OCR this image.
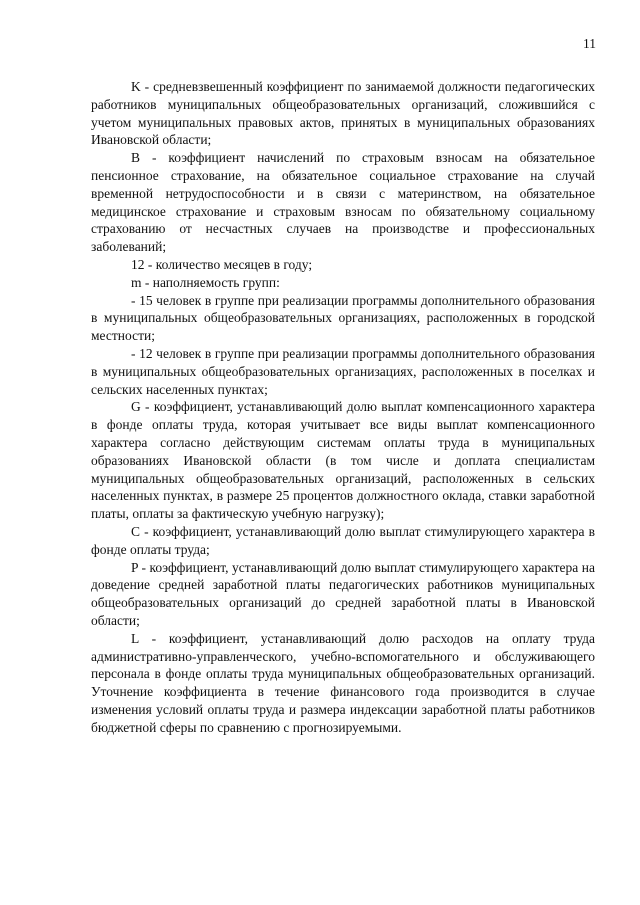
11

K - средневзвешенный коэффициент по занимаемой должности педагогических работников муниципальных общеобразовательных организаций, сложившийся с учетом муниципальных правовых актов, принятых в муниципальных образованиях Ивановской области;

B - коэффициент начислений по страховым взносам на обязательное пенсионное страхование, на обязательное социальное страхование на случай временной нетрудоспособности и в связи с материнством, на обязательное медицинское страхование и страховым взносам по обязательному социальному страхованию от несчастных случаев на производстве и профессиональных заболеваний;

12 - количество месяцев в году;

m - наполняемость групп:

- 15 человек в группе при реализации программы дополнительного образования в муниципальных общеобразовательных организациях, расположенных в городской местности;

- 12 человек в группе при реализации программы дополнительного образования в муниципальных общеобразовательных организациях, расположенных в поселках и сельских населенных пунктах;

G - коэффициент, устанавливающий долю выплат компенсационного характера в фонде оплаты труда, которая учитывает все виды выплат компенсационного характера согласно действующим системам оплаты труда в муниципальных образованиях Ивановской области (в том числе и доплата специалистам муниципальных общеобразовательных организаций, расположенных в сельских населенных пунктах, в размере 25 процентов должностного оклада, ставки заработной платы, оплаты за фактическую учебную нагрузку);

C - коэффициент, устанавливающий долю выплат стимулирующего характера в фонде оплаты труда;

P - коэффициент, устанавливающий долю выплат стимулирующего характера на доведение средней заработной платы педагогических работников муниципальных общеобразовательных организаций до средней заработной платы в Ивановской области;

L - коэффициент, устанавливающий долю расходов на оплату труда административно-управленческого, учебно-вспомогательного и обслуживающего персонала в фонде оплаты труда муниципальных общеобразовательных организаций. Уточнение коэффициента в течение финансового года производится в случае изменения условий оплаты труда и размера индексации заработной платы работников бюджетной сферы по сравнению с прогнозируемыми.
